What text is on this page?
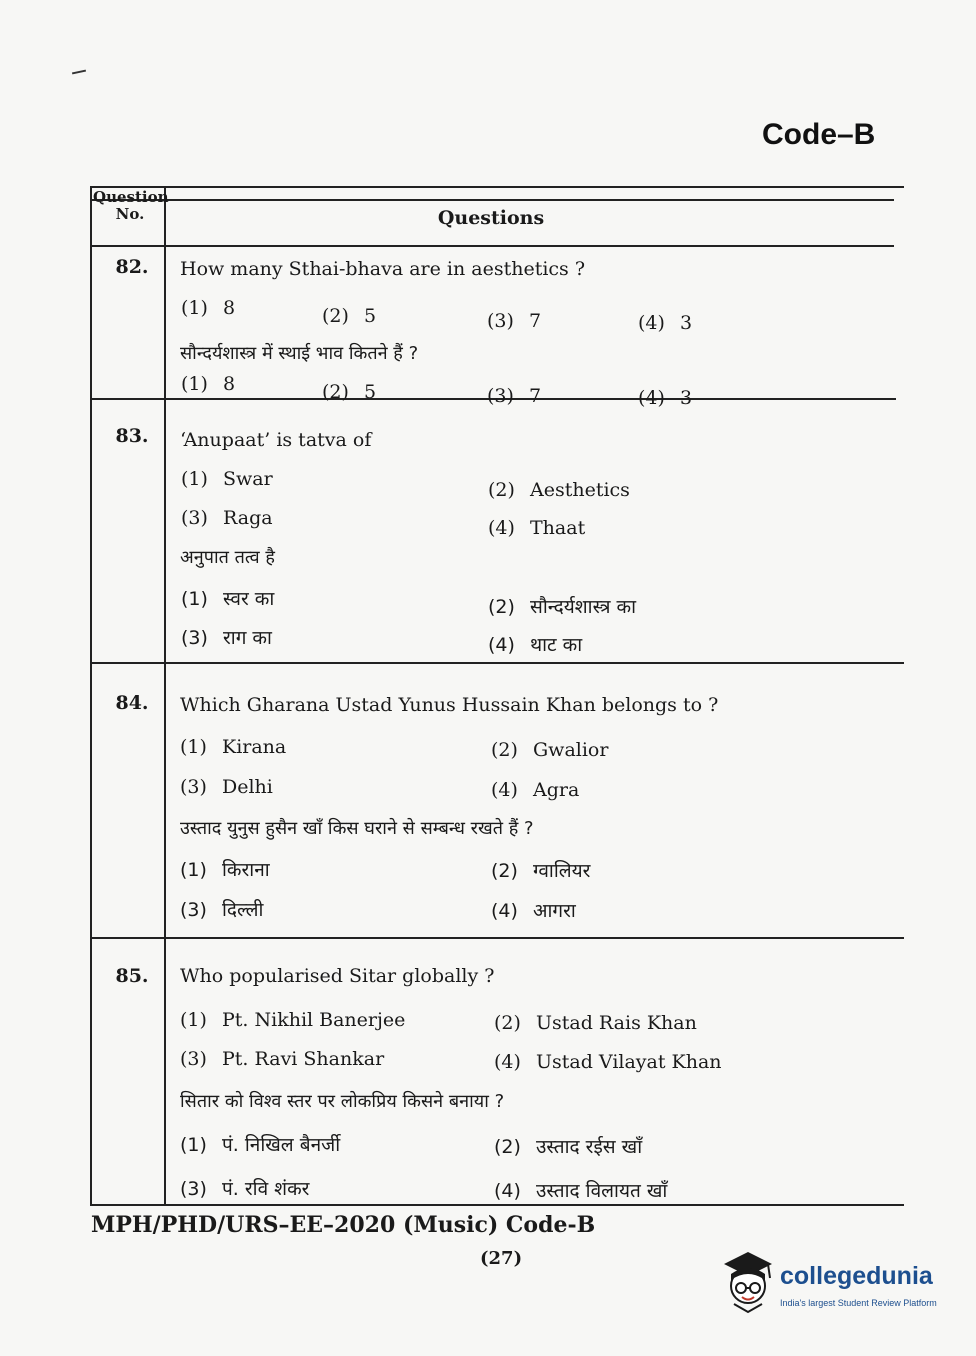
Code–B
Question No.	Questions
82.	How many Sthai-bhava are in aesthetics ?
(1) 8	(2) 5	(3) 7	(4) 3
सौन्दर्यशास्त्र में स्थाई भाव कितने हैं ?
(1) 8	(2) 5	(3) 7	(4) 3
83.	‘Anupaat’ is tatva of
(1) Swar	(2) Aesthetics
(3) Raga	(4) Thaat
अनुपात तत्व है
(1) स्वर का	(2) सौन्दर्यशास्त्र का
(3) राग का	(4) थाट का
84.	Which Gharana Ustad Yunus Hussain Khan belongs to ?
(1) Kirana	(2) Gwalior
(3) Delhi	(4) Agra
उस्ताद युनुस हुसैन खाँ किस घराने से सम्बन्ध रखते हैं ?
(1) किराना	(2) ग्वालियर
(3) दिल्ली	(4) आगरा
85.	Who popularised Sitar globally ?
(1) Pt. Nikhil Banerjee	(2) Ustad Rais Khan
(3) Pt. Ravi Shankar	(4) Ustad Vilayat Khan
सितार को विश्व स्तर पर लोकप्रिय किसने बनाया ?
(1) पं. निखिल बैनर्जी	(2) उस्ताद रईस खाँ
(3) पं. रवि शंकर	(4) उस्ताद विलायत खाँ
MPH/PHD/URS–EE–2020 (Music) Code-B
(27)
collegedunia
India's largest Student Review Platform
